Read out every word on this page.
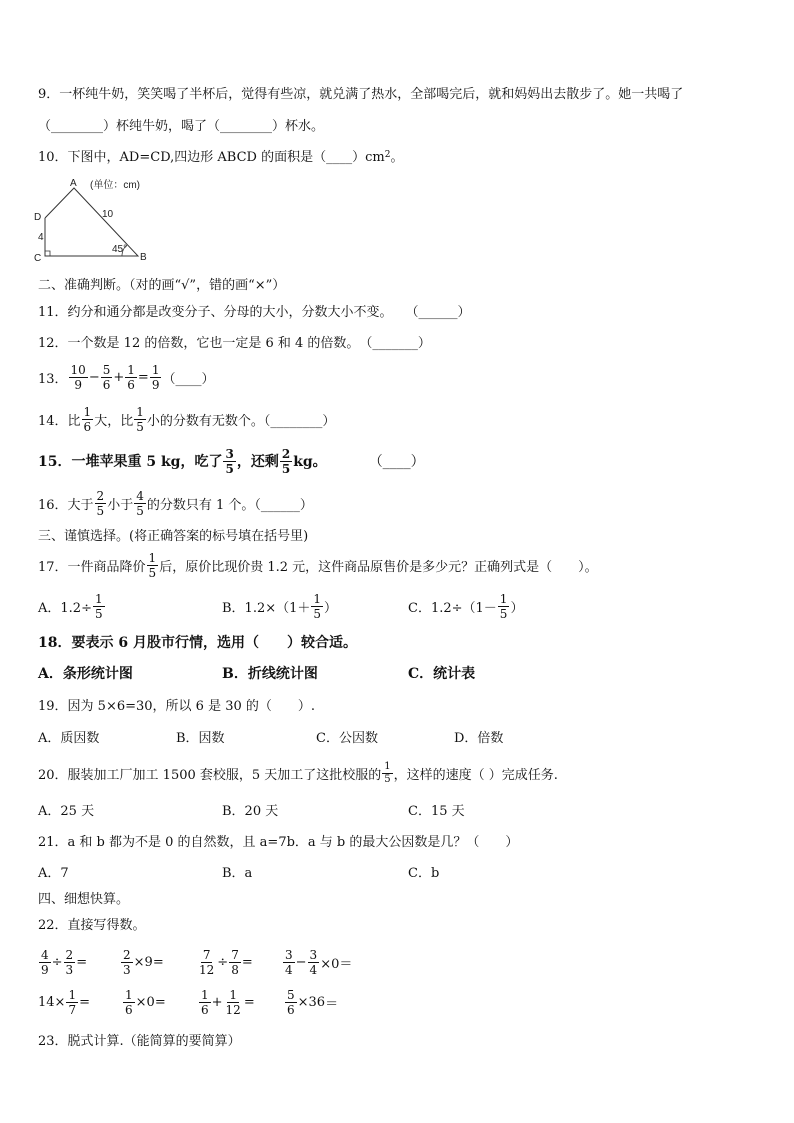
9．一杯纯牛奶，笑笑喝了半杯后，觉得有些凉，就兑满了热水，全部喝完后，就和妈妈出去散步了。她一共喝了
（________）杯纯牛奶，喝了（________）杯水。
10．下图中，AD=CD,四边形 ABCD 的面积是（____）cm 2 。
A
B
C
D
(单位：cm)
10
4
45°
二、准确判断。（对的画“√”，错的画“×”）
11．约分和通分都是改变分子、分母的大小，分数大小不变。　　（______）
12．一个数是 12 的倍数，它也一定是 6 和 4 的倍数。　（_______）
13． $\frac{10}{9} - \frac{5}{6} + \frac{1}{6} = \frac{1}{9}$ （____）
14．比 $\frac{1}{6}$ 大，比 $\frac{1}{5}$ 小的分数有无数个。（________）
15．一堆苹果重 5 kg，吃了 $\frac{3}{5}$ ，还剩 $\frac{2}{5}$ kg。	（____）
16．大于 $\frac{2}{5}$ 小于 $\frac{4}{5}$ 的分数只有 1 个。（______）
三、谨慎选择。(将正确答案的标号填在括号里)
17．一件商品降价 $\frac{1}{5}$ 后，原价比现价贵 1.2 元，这件商品原售价是多少元？正确列式是（　　）。
A．$1.2\div \frac{1}{5}$	B．$1.2\times(1+ \frac{1}{5}$ ）	C．$1.2\div(1- \frac{1}{5}$ ）
18．要表示 6 月股市行情，选用（　　）较合适。
A．条形统计图	B．折线统计图	C．统计表
19．因为 5×6=30，所以 6 是 30 的（　　）.
A．质因数	B．因数	C．公因数	D．倍数
20．服装加工厂加工 1500 套校服，5 天加工了这批校服的 $\frac{1}{5}$ ，这样的速度（ ）完成任务.
A．25 天	B．20 天	C．15 天
21．a 和 b 都为不是 0 的自然数，且 a=7b．a 与 b 的最大公因数是几？（　　）
A．7	B．a	C．b
四、细想快算。
22．直接写得数。
$\frac{4}{9} \div \frac{2}{3}$ =	$\frac{2}{3} \times 9$ =	$\frac{7}{12} \div \frac{7}{8}$ =	$\frac{3}{4} - \frac{3}{4} \times 0=$
$14\times \frac{1}{7}$ =	$\frac{1}{6} \times 0$ =	$\frac{1}{6} + \frac{1}{12}$ =	$\frac{5}{6} \times 36$ ＝
23．脱式计算.（能简算的要简算）
